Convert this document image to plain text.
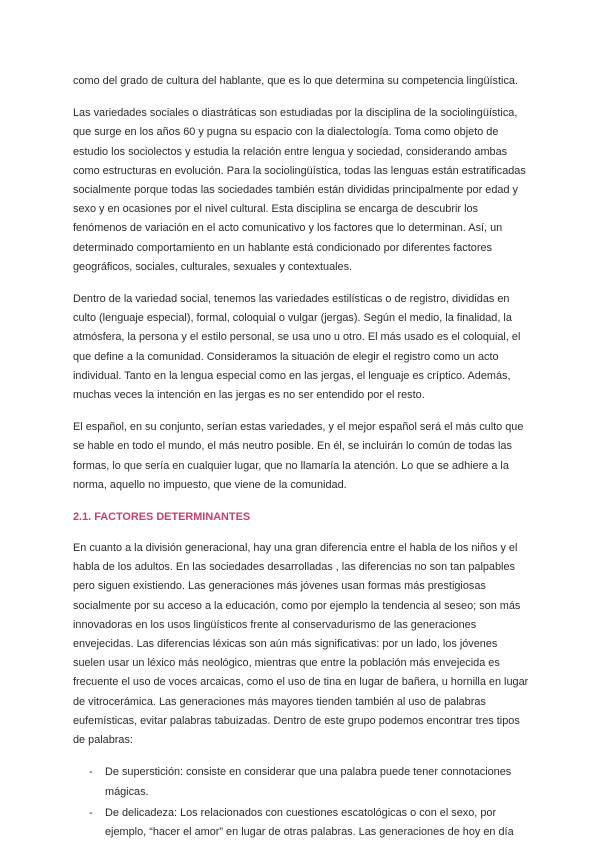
como del grado de cultura del hablante, que es lo que determina su competencia lingüística.

Las variedades sociales o diastráticas son estudiadas por la disciplina de la sociolingüística, que surge en los años 60 y pugna su espacio con la dialectología. Toma como objeto de estudio los sociolectos y estudia la relación entre lengua y sociedad, considerando ambas como estructuras en evolución. Para la sociolingüística, todas las lenguas están estratificadas socialmente porque todas las sociedades también están divididas principalmente por edad y sexo y en ocasiones por el nivel cultural. Esta disciplina se encarga de descubrir los fenómenos de variación en el acto comunicativo y los factores que lo determinan. Así, un determinado comportamiento en un hablante está condicionado por diferentes factores geográficos, sociales, culturales, sexuales y contextuales.

Dentro de la variedad social, tenemos las variedades estilísticas o de registro, divididas en culto (lenguaje especial), formal, coloquial o vulgar (jergas). Según el medio, la finalidad, la atmósfera, la persona y el estilo personal, se usa uno u otro. El más usado es el coloquial, el que define a la comunidad. Consideramos la situación de elegir el registro como un acto individual. Tanto en la lengua especial como en las jergas, el lenguaje es críptico. Además, muchas veces la intención en las jergas es no ser entendido por el resto.

El español, en su conjunto, serían estas variedades, y el mejor español será el más culto que se hable en todo el mundo, el más neutro posible. En él, se incluirán lo común de todas las formas, lo que sería en cualquier lugar, que no llamaría la atención. Lo que se adhiere a la norma, aquello no impuesto, que viene de la comunidad.

2.1. FACTORES DETERMINANTES

En cuanto a la división generacional, hay una gran diferencia entre el habla de los niños y el habla de los adultos. En las sociedades desarrolladas , las diferencias no son tan palpables pero siguen existiendo. Las generaciones más jóvenes usan formas más prestigiosas socialmente por su acceso a la educación, como por ejemplo la tendencia al seseo; son más innovadoras en los usos lingüísticos frente al conservadurismo de las generaciones envejecidas. Las diferencias léxicas son aún más significativas: por un lado, los jóvenes suelen usar un léxico más neológico, mientras que entre la población más envejecida es frecuente el uso de voces arcaicas, como el uso de tina en lugar de bañera, u hornilla en lugar de vitrocerámica. Las generaciones más mayores tienden también al uso de palabras eufemísticas, evitar palabras tabuizadas. Dentro de este grupo podemos encontrar tres tipos de palabras:

- De superstición: consiste en considerar que una palabra puede tener connotaciones mágicas.
- De delicadeza: Los relacionados con cuestiones escatológicas o con el sexo, por ejemplo, “hacer el amor” en lugar de otras palabras. Las generaciones de hoy en día
